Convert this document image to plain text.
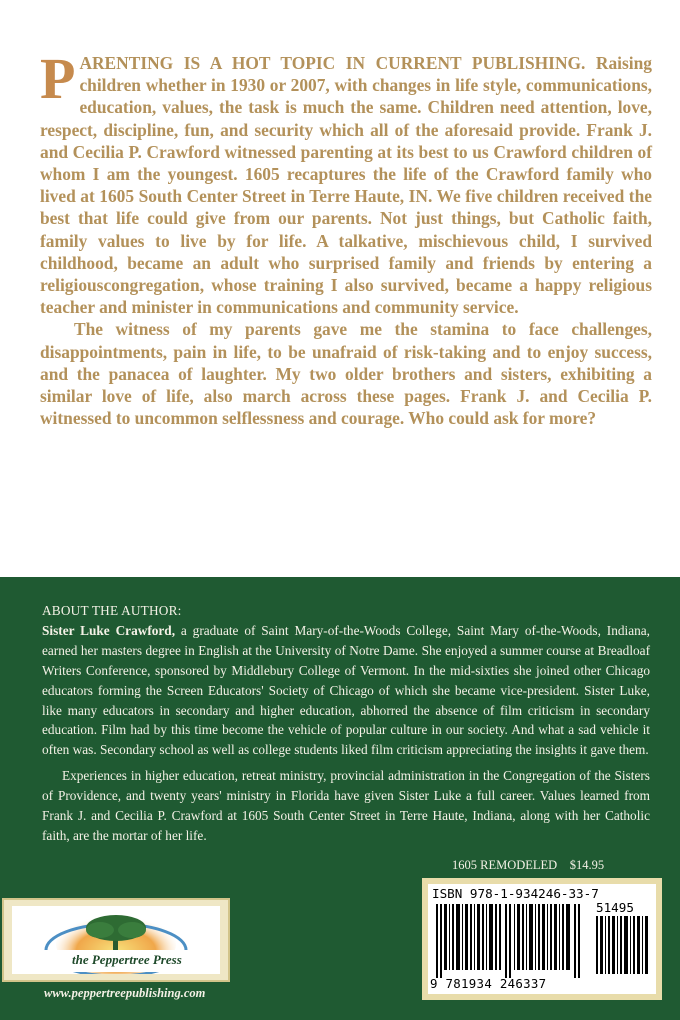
PARENTING IS A HOT TOPIC IN CURRENT PUBLISHING. Raising children whether in 1930 or 2007, with changes in life style, communications, education, values, the task is much the same. Children need attention, love, respect, discipline, fun, and security which all of the aforesaid provide. Frank J. and Cecilia P. Crawford witnessed parenting at its best to us Crawford children of whom I am the youngest. 1605 recaptures the life of the Crawford family who lived at 1605 South Center Street in Terre Haute, IN. We five children received the best that life could give from our parents. Not just things, but Catholic faith, family values to live by for life. A talkative, mischievous child, I survived childhood, became an adult who surprised family and friends by entering a religiouscongregation, whose training I also survived, became a happy religious teacher and minister in communications and community service.

The witness of my parents gave me the stamina to face challenges, disappointments, pain in life, to be unafraid of risk-taking and to enjoy success, and the panacea of laughter. My two older brothers and sisters, exhibiting a similar love of life, also march across these pages. Frank J. and Cecilia P. witnessed to uncommon selflessness and courage. Who could ask for more?

ABOUT THE AUTHOR:

Sister Luke Crawford, a graduate of Saint Mary-of-the-Woods College, Saint Mary of-the-Woods, Indiana, earned her masters degree in English at the University of Notre Dame. She enjoyed a summer course at Breadloaf Writers Conference, sponsored by Middlebury College of Vermont. In the mid-sixties she joined other Chicago educators forming the Screen Educators' Society of Chicago of which she became vice-president. Sister Luke, like many educators in secondary and higher education, abhorred the absence of film criticism in secondary education. Film had by this time become the vehicle of popular culture in our society. And what a sad vehicle it often was. Secondary school as well as college students liked film criticism appreciating the insights it gave them.

Experiences in higher education, retreat ministry, provincial administration in the Congregation of the Sisters of Providence, and twenty years' ministry in Florida have given Sister Luke a full career. Values learned from Frank J. and Cecilia P. Crawford at 1605 South Center Street in Terre Haute, Indiana, along with her Catholic faith, are the mortar of her life.

1605 REMODELED $14.95
ISBN 978-1-934246-33-7
51495
9 781934 246337
the Peppertree Press
www.peppertreepublishing.com
